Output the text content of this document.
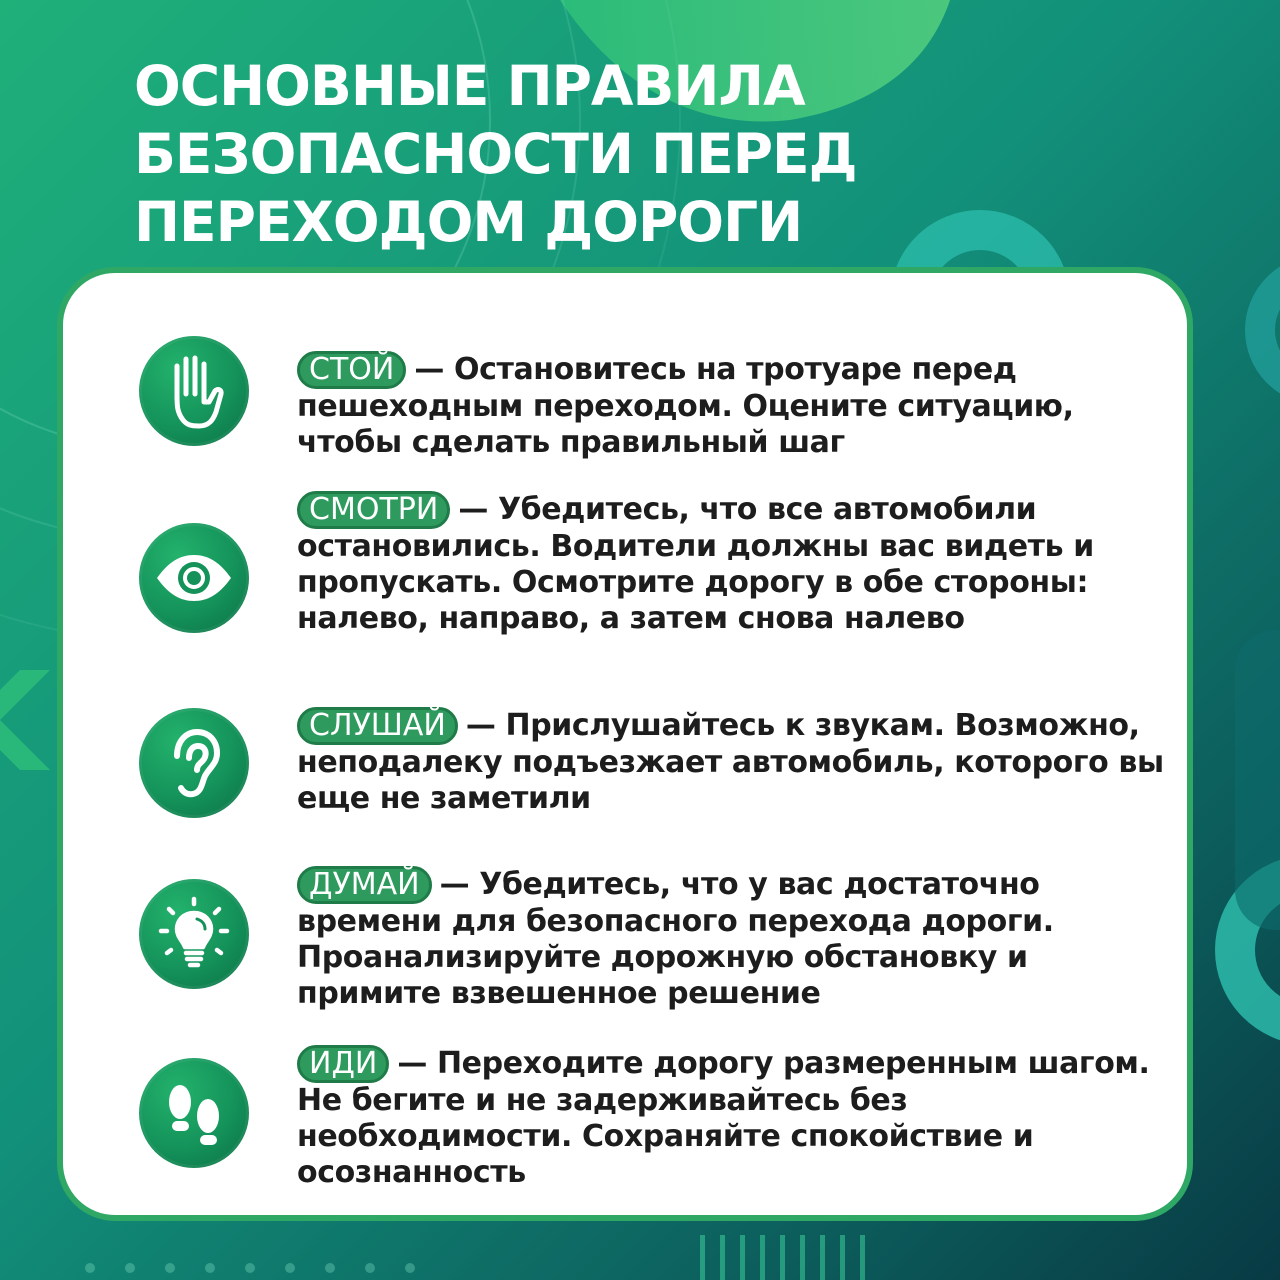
ОСНОВНЫЕ ПРАВИЛА
БЕЗОПАСНОСТИ ПЕРЕД
ПЕРЕХОДОМ ДОРОГИ
СТОЙ — Остановитесь на тротуаре перед пешеходным переходом. Оцените ситуацию, чтобы сделать правильный шаг
СМОТРИ — Убедитесь, что все автомобили остановились. Водители должны вас видеть и пропускать. Осмотрите дорогу в обе стороны: налево, направо, а затем снова налево
СЛУШАЙ — Прислушайтесь к звукам. Возможно, неподалеку подъезжает автомобиль, которого вы еще не заметили
ДУМАЙ — Убедитесь, что у вас достаточно времени для безопасного перехода дороги. Проанализируйте дорожную обстановку и примите взвешенное решение
ИДИ — Переходите дорогу размеренным шагом. Не бегите и не задерживайтесь без необходимости. Сохраняйте спокойствие и осознанность
